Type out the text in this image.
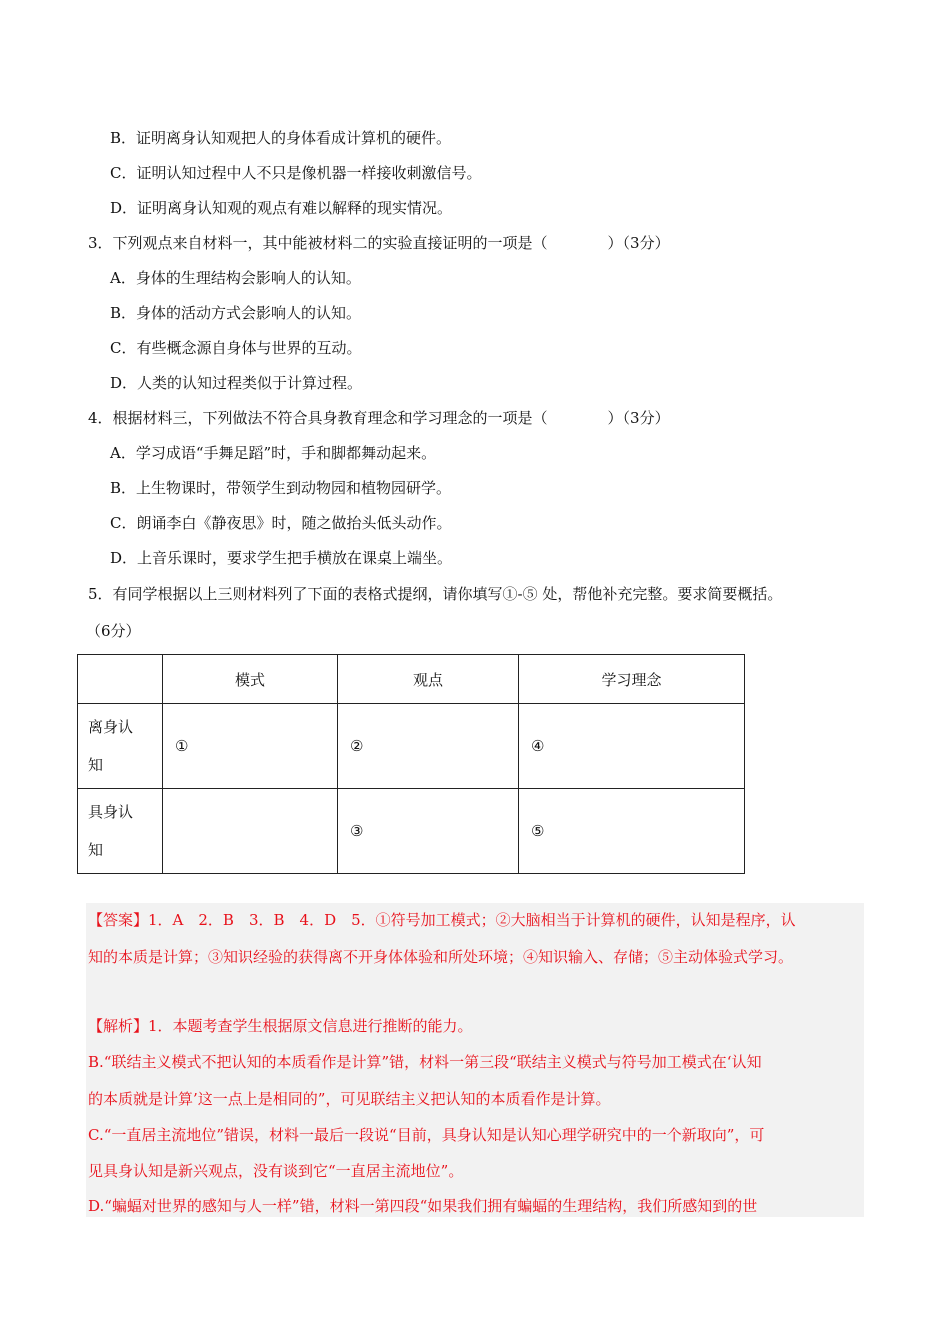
B．证明离身认知观把人的身体看成计算机的硬件。
C．证明认知过程中人不只是像机器一样接收刺激信号。
D．证明离身认知观的观点有难以解释的现实情况。
3．下列观点来自材料一，其中能被材料二的实验直接证明的一项是（　　　　）（3分）
A．身体的生理结构会影响人的认知。
B．身体的活动方式会影响人的认知。
C．有些概念源自身体与世界的互动。
D．人类的认知过程类似于计算过程。
4．根据材料三，下列做法不符合具身教育理念和学习理念的一项是（　　　　）（3分）
A．学习成语“手舞足蹈”时，手和脚都舞动起来。
B．上生物课时，带领学生到动物园和植物园研学。
C．朗诵李白《静夜思》时，随之做抬头低头动作。
D．上音乐课时，要求学生把手横放在课桌上端坐。
5．有同学根据以上三则材料列了下面的表格式提纲，请你填写①-⑤ 处，帮他补充完整。要求简要概括。
（6分）
	模式	观点	学习理念
离身认
知	①	②	④
具身认
知		③	⑤
【答案】1．A　2．B　3．B　4．D　5．①符号加工模式；②大脑相当于计算机的硬件，认知是程序，认
知的本质是计算；③知识经验的获得离不开身体体验和所处环境；④知识输入、存储；⑤主动体验式学习。
【解析】1．本题考查学生根据原文信息进行推断的能力。
B.“联结主义模式不把认知的本质看作是计算”错，材料一第三段“联结主义模式与符号加工模式在‘认知
的本质就是计算’这一点上是相同的”，可见联结主义把认知的本质看作是计算。
C.“一直居主流地位”错误，材料一最后一段说“目前，具身认知是认知心理学研究中的一个新取向”，可
见具身认知是新兴观点，没有谈到它“一直居主流地位”。
D.“蝙蝠对世界的感知与人一样”错，材料一第四段“如果我们拥有蝙蝠的生理结构，我们所感知到的世
